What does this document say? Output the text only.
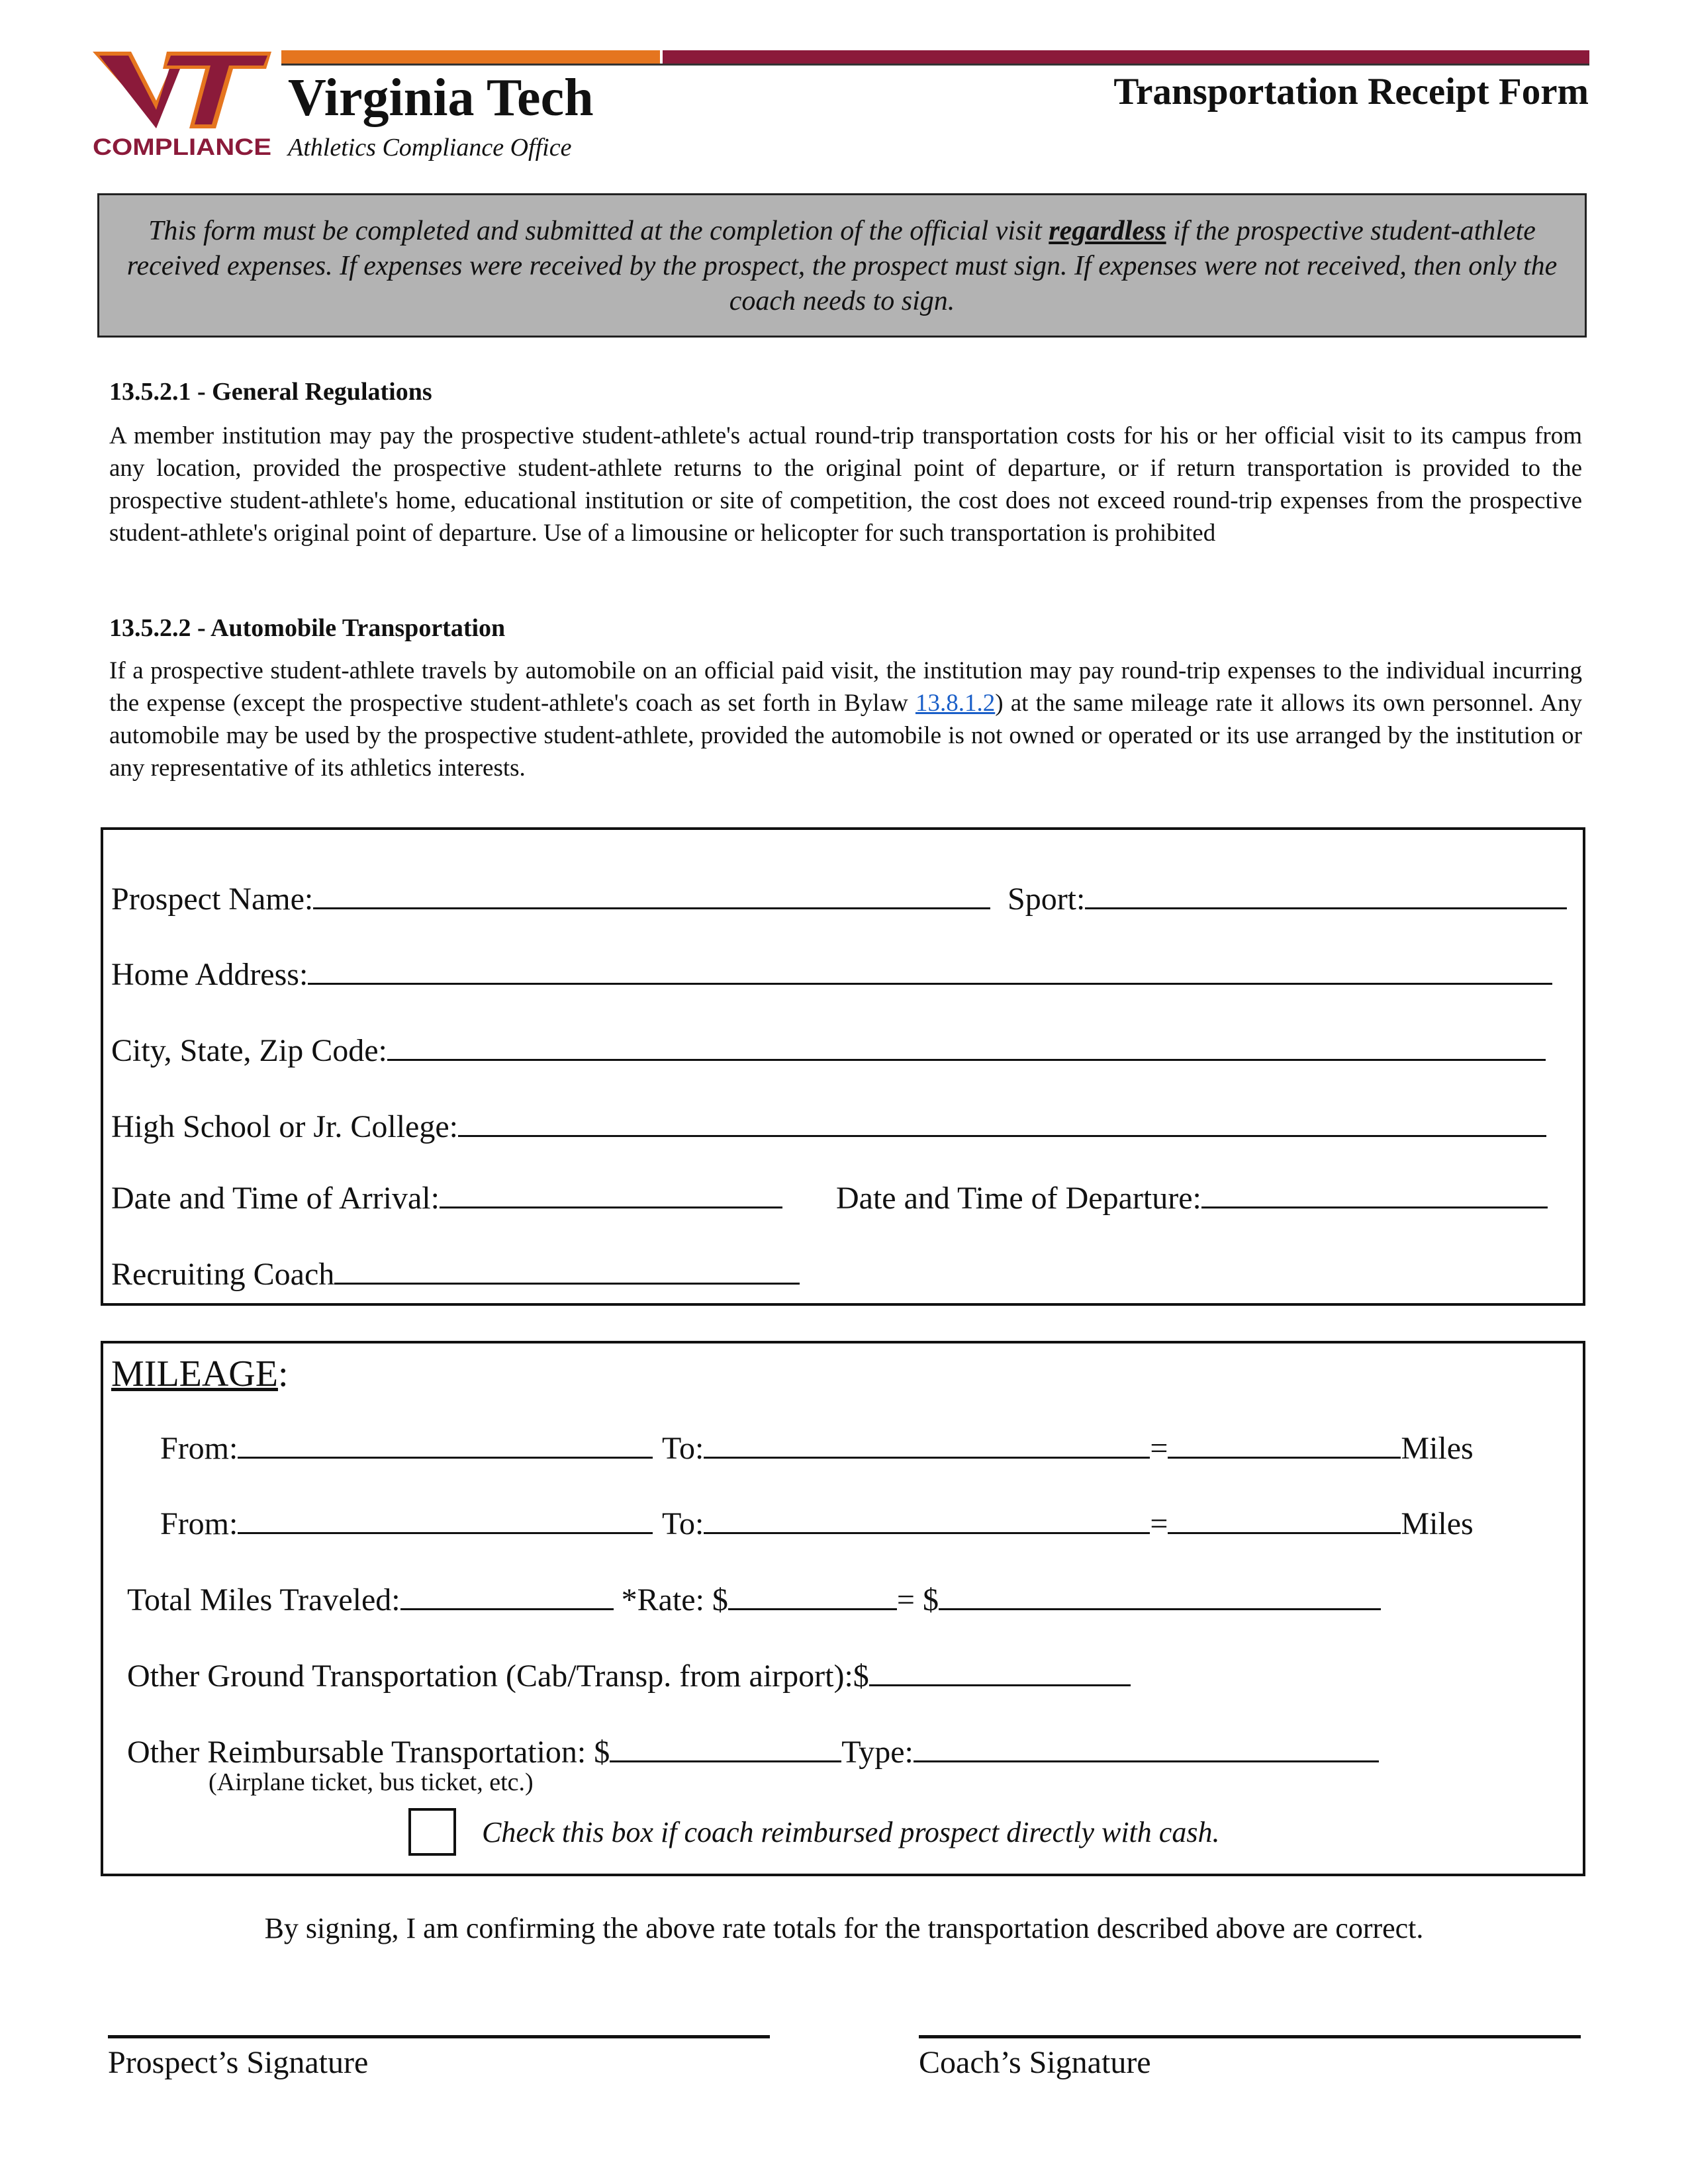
COMPLIANCE
Virginia Tech
Athletics Compliance Office
Transportation Receipt Form
This form must be completed and submitted at the completion of the official visit regardless if the prospective student-athlete received expenses. If expenses were received by the prospect, the prospect must sign. If expenses were not received, then only the coach needs to sign.
13.5.2.1 - General Regulations
A member institution may pay the prospective student-athlete's actual round-trip transportation costs for his or her official visit to its campus from any location, provided the prospective student-athlete returns to the original point of departure, or if return transportation is provided to the prospective student-athlete's home, educational institution or site of competition, the cost does not exceed round-trip expenses from the prospective student-athlete's original point of departure. Use of a limousine or helicopter for such transportation is prohibited
13.5.2.2 - Automobile Transportation
If a prospective student-athlete travels by automobile on an official paid visit, the institution may pay round-trip expenses to the individual incurring the expense (except the prospective student-athlete's coach as set forth in Bylaw 13.8.1.2) at the same mileage rate it allows its own personnel. Any automobile may be used by the prospective student-athlete, provided the automobile is not owned or operated or its use arranged by the institution or any representative of its athletics interests.
Prospect Name:	Sport:
Home Address:
City, State, Zip Code:
High School or Jr. College:
Date and Time of Arrival:	Date and Time of Departure:
Recruiting Coach
MILEAGE:
From:	To:	=	Miles
From:	To:	=	Miles
Total Miles Traveled:	*Rate: $	= $
Other Ground Transportation (Cab/Transp. from airport):$
Other Reimbursable Transportation: $	Type:
(Airplane ticket, bus ticket, etc.)
Check this box if coach reimbursed prospect directly with cash.
By signing, I am confirming the above rate totals for the transportation described above are correct.
Prospect’s Signature	Coach’s Signature
